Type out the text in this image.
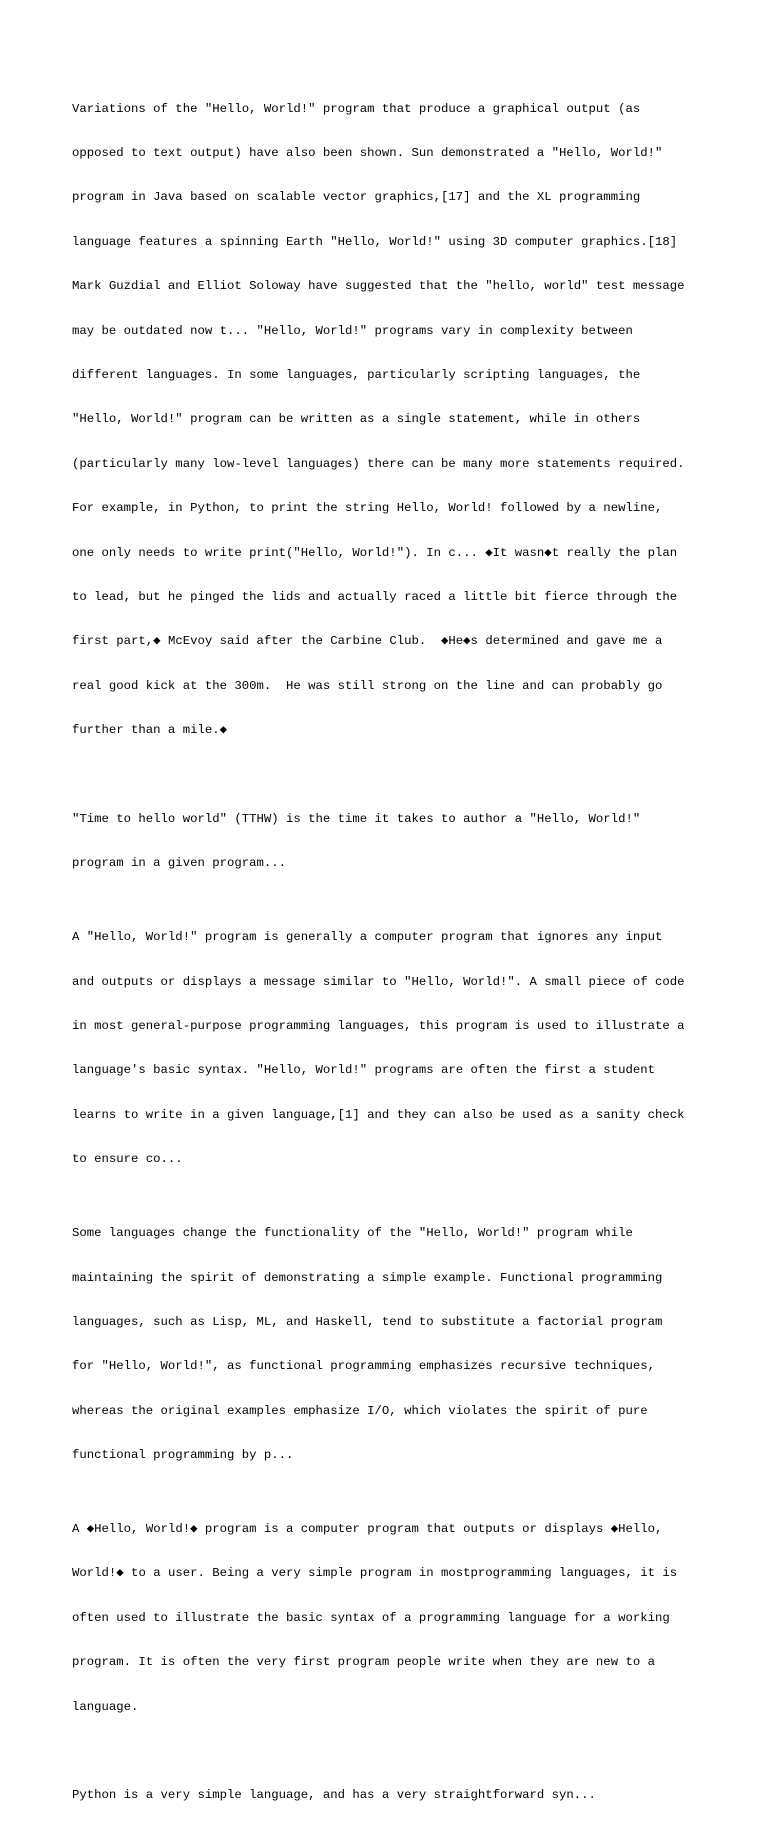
Variations of the "Hello, World!" program that produce a graphical output (as

opposed to text output) have also been shown. Sun demonstrated a "Hello, World!"

program in Java based on scalable vector graphics,[17] and the XL programming

language features a spinning Earth "Hello, World!" using 3D computer graphics.[18]

Mark Guzdial and Elliot Soloway have suggested that the "hello, world" test message

may be outdated now t... "Hello, World!" programs vary in complexity between

different languages. In some languages, particularly scripting languages, the

"Hello, World!" program can be written as a single statement, while in others

(particularly many low-level languages) there can be many more statements required.

For example, in Python, to print the string Hello, World! followed by a newline,

one only needs to write print("Hello, World!"). In c... ◆It wasn◆t really the plan

to lead, but he pinged the lids and actually raced a little bit fierce through the

first part,◆ McEvoy said after the Carbine Club.  ◆He◆s determined and gave me a

real good kick at the 300m.  He was still strong on the line and can probably go

further than a mile.◆

"Time to hello world" (TTHW) is the time it takes to author a "Hello, World!"

program in a given program...

A "Hello, World!" program is generally a computer program that ignores any input

and outputs or displays a message similar to "Hello, World!". A small piece of code

in most general-purpose programming languages, this program is used to illustrate a

language's basic syntax. "Hello, World!" programs are often the first a student

learns to write in a given language,[1] and they can also be used as a sanity check

to ensure co...

Some languages change the functionality of the "Hello, World!" program while

maintaining the spirit of demonstrating a simple example. Functional programming

languages, such as Lisp, ML, and Haskell, tend to substitute a factorial program

for "Hello, World!", as functional programming emphasizes recursive techniques,

whereas the original examples emphasize I/O, which violates the spirit of pure

functional programming by p...

A ◆Hello, World!◆ program is a computer program that outputs or displays ◆Hello,

World!◆ to a user. Being a very simple program in mostprogramming languages, it is

often used to illustrate the basic syntax of a programming language for a working

program. It is often the very first program people write when they are new to a

language.

Python is a very simple language, and has a very straightforward syn...
